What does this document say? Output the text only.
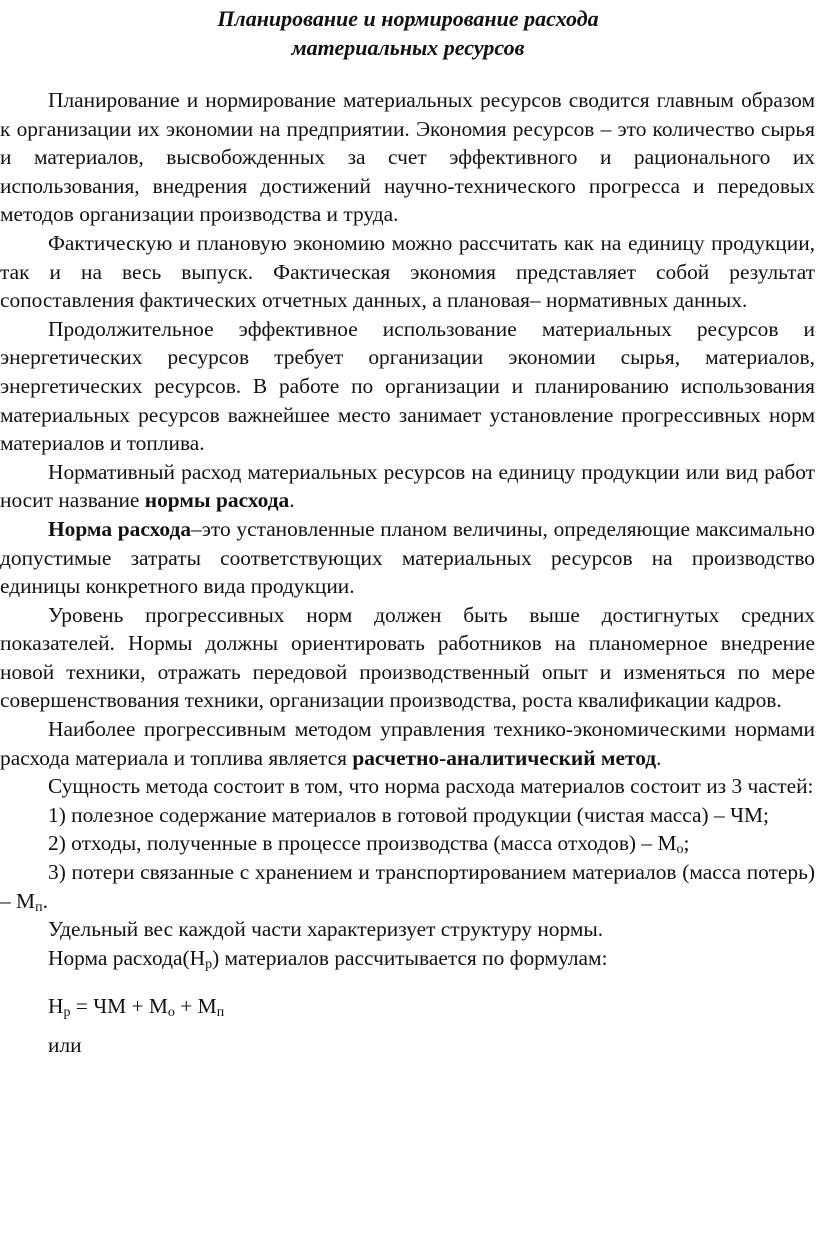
Планирование и нормирование расхода
материальных ресурсов

Планирование и нормирование материальных ресурсов сводится главным образом к организации их экономии на предприятии. Экономия ресурсов – это количество сырья и материалов, высвобожденных за счет эффективного и рационального их использования, внедрения достижений научно-технического прогресса и передовых методов организации производства и труда.

Фактическую и плановую экономию можно рассчитать как на единицу продукции, так и на весь выпуск. Фактическая экономия представляет собой результат сопоставления фактических отчетных данных, а плановая– нормативных данных.

Продолжительное эффективное использование материальных ресурсов и энергетических ресурсов требует организации экономии сырья, материалов, энергетических ресурсов. В работе по организации и планированию использования материальных ресурсов важнейшее место занимает установление прогрессивных норм материалов и топлива.

Нормативный расход материальных ресурсов на единицу продукции или вид работ носит название нормы расхода.

Норма расхода–это установленные планом величины, определяющие максимально допустимые затраты соответствующих материальных ресурсов на производство единицы конкретного вида продукции.

Уровень прогрессивных норм должен быть выше достигнутых средних показателей. Нормы должны ориентировать работников на планомерное внедрение новой техники, отражать передовой производственный опыт и изменяться по мере совершенствования техники, организации производства, роста квалификации кадров.

Наиболее прогрессивным методом управления технико-экономическими нормами расхода материала и топлива является расчетно-аналитический метод.

Сущность метода состоит в том, что норма расхода материалов состоит из 3 частей:

1) полезное содержание материалов в готовой продукции (чистая масса) – ЧМ;

2) отходы, полученные в процессе производства (масса отходов) – $М_о$;

3) потери связанные с хранением и транспортированием материалов (масса потерь) – $М_п$.

Удельный вес каждой части характеризует структуру нормы.

Норма $расхода(Н_р)$ материалов рассчитывается по формулам:

$Н_р$ = ЧМ + $М_о + М_п$

или
